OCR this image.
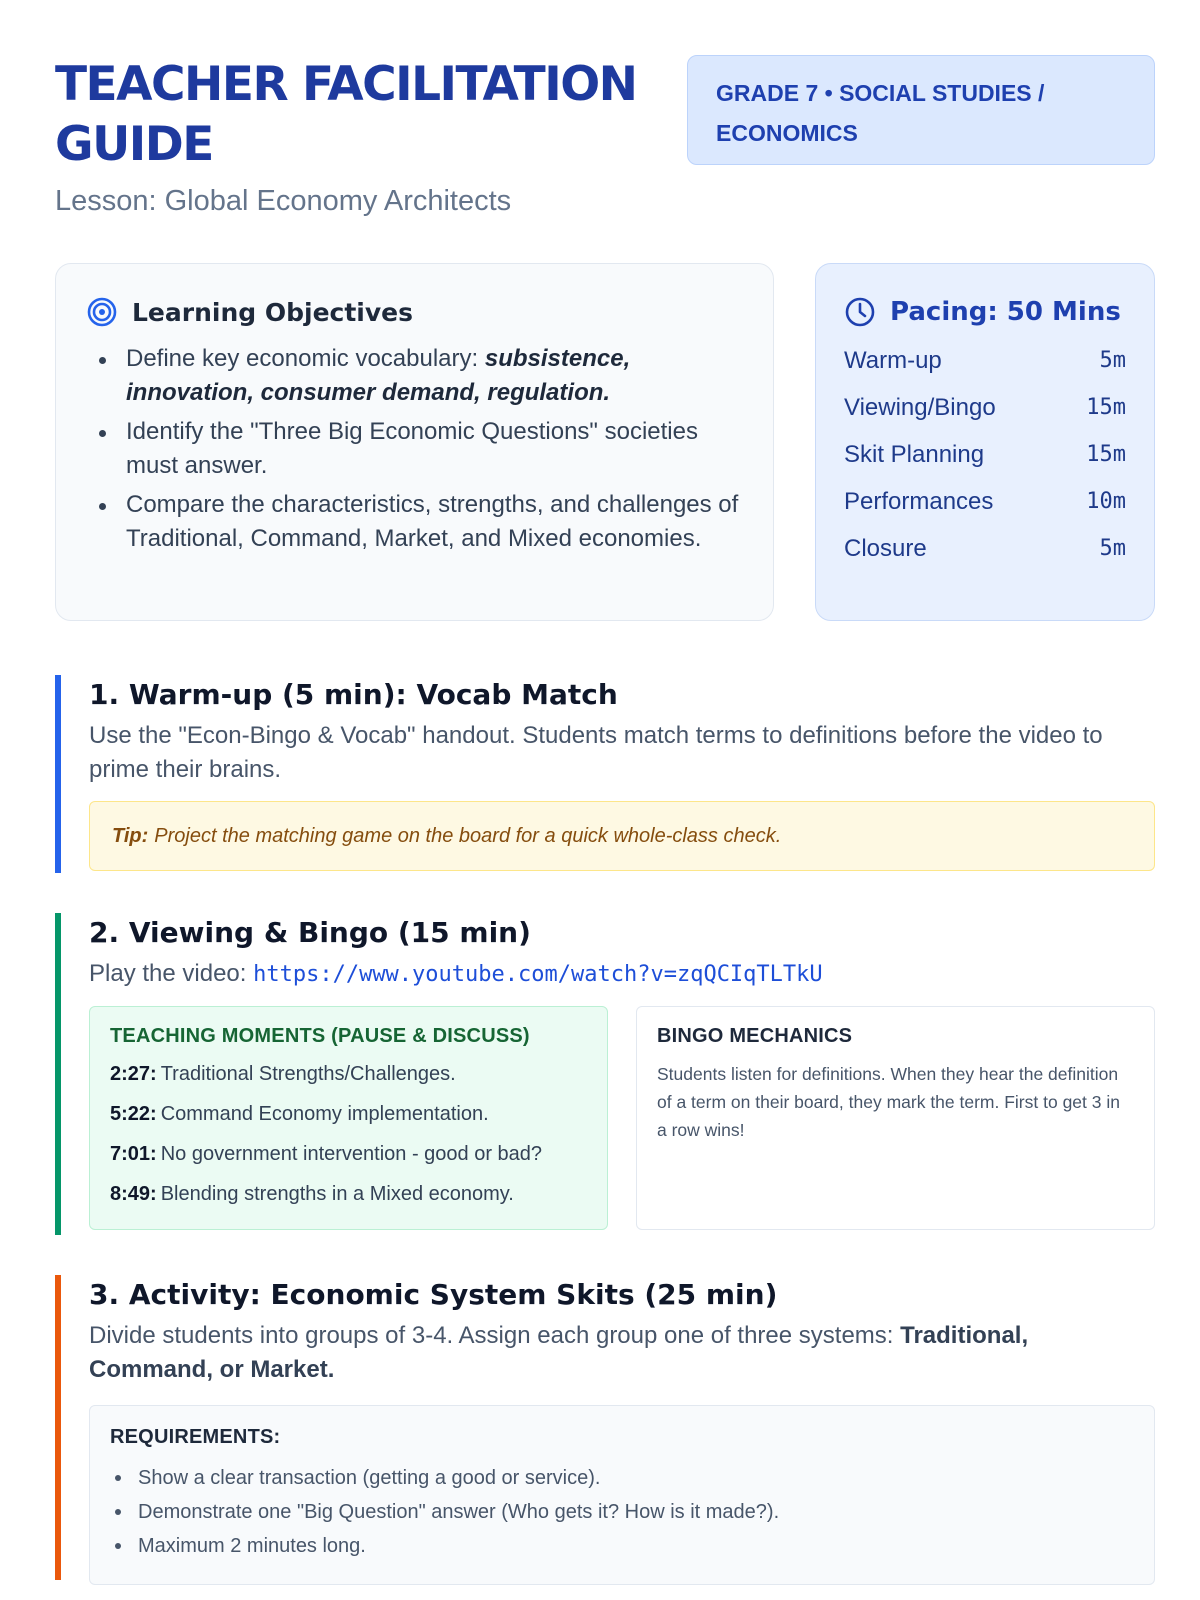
TEACHER FACILITATION GUIDE
Lesson: Global Economy Architects
GRADE 7 • SOCIAL STUDIES / ECONOMICS
Learning Objectives
Define key economic vocabulary: subsistence, innovation, consumer demand, regulation.
Identify the "Three Big Economic Questions" societies must answer.
Compare the characteristics, strengths, and challenges of Traditional, Command, Market, and Mixed economies.
Pacing: 50 Mins
Warm-up	5m
Viewing/Bingo	15m
Skit Planning	15m
Performances	10m
Closure	5m
1. Warm-up (5 min): Vocab Match

Use the "Econ-Bingo & Vocab" handout. Students match terms to definitions before the video to prime their brains.

Tip: Project the matching game on the board for a quick whole-class check.
2. Viewing & Bingo (15 min)

Play the video: https://www.youtube.com/watch?v=zqQCIqTLTkU

TEACHING MOMENTS (PAUSE & DISCUSS)
2:27: Traditional Strengths/Challenges.
5:22: Command Economy implementation.
7:01: No government intervention - good or bad?
8:49: Blending strengths in a Mixed economy.
BINGO MECHANICS

Students listen for definitions. When they hear the definition of a term on their board, they mark the term. First to get 3 in a row wins!

3. Activity: Economic System Skits (25 min)

Divide students into groups of 3-4. Assign each group one of three systems: Traditional, Command, or Market.

REQUIREMENTS:
Show a clear transaction (getting a good or service).
Demonstrate one "Big Question" answer (Who gets it? How is it made?).
Maximum 2 minutes long.
